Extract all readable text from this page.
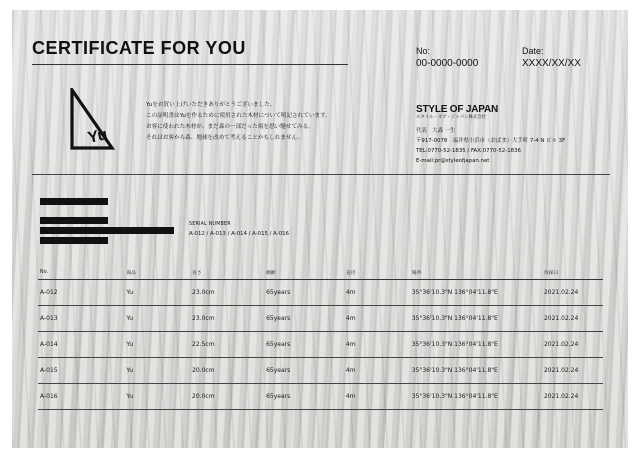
CERTIFICATE FOR YOU	No:
00-0000-0000
Date:
XXXX/XX/XX
Yu
Yuをお買い上げいただきありがとうございました。
この証明書はYuを作るために使用された木材について明記されています。
お客に使われた木材が、まだ森の一部だった場を思い馳せてみる。
それはお客から森、地球を改めて考えることかもしれません。
STYLE OF JAPAN
スタイル・オブ・ジャパン株式会社
代表　大森 一生
〒917-0078　福井県小浜市（おばま）大手町 7-4 N ビル 3F
TEL:0770-52-1835 / FAX:0770-52-1836
E-mail:pr@styleofjapan.net
SERIAL NUMBER
A-012 / A-013 / A-014 / A-015 / A-016
No.	商品	長さ	樹齢	直径	場所	伐採日
A-012	Yu	23.0cm	65years	4m	35°36'10.3"N 136°04'11.8"E	2021.02.24
A-013	Yu	23.0cm	65years	4m	35°36'10.3"N 136°04'11.8"E	2021.02.24
A-014	Yu	22.5cm	65years	4m	35°36'10.3"N 136°04'11.8"E	2021.02.24
A-015	Yu	20.0cm	65years	4m	35°36'10.3"N 136°04'11.8"E	2021.02.24
A-016	Yu	20.0cm	65years	4m	35°36'10.3"N 136°04'11.8"E	2021.02.24
